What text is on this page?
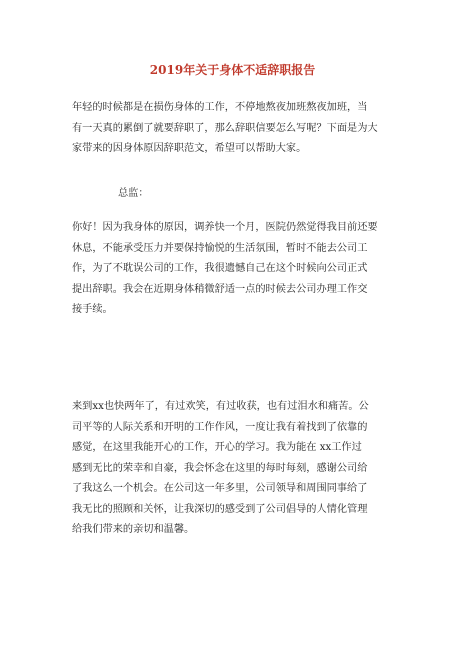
2019年关于身体不适辞职报告

年轻的时候都是在损伤身体的工作，不停地熬夜加班熬夜加班，当
有一天真的累倒了就要辞职了，那么辞职信要怎么写呢？下面是为大
家带来的因身体原因辞职范文，希望可以帮助大家。

总监：

你好！因为我身体的原因，调养快一个月，医院仍然觉得我目前还要
休息，不能承受压力并要保持愉悦的生活氛围，暂时不能去公司工
作，为了不耽误公司的工作，我很遗憾自己在这个时候向公司正式
提出辞职。我会在近期身体稍微舒适一点的时候去公司办理工作交
接手续。

来到xx也快两年了，有过欢笑，有过收获，也有过泪水和痛苦。公
司平等的人际关系和开明的工作作风，一度让我有着找到了依靠的
感觉，在这里我能开心的工作，开心的学习。我为能在 xx工作过
感到无比的荣幸和自豪，我会怀念在这里的每时每刻，感谢公司给
了我这么一个机会。在公司这一年多里，公司领导和周围同事给了
我无比的照顾和关怀，让我深切的感受到了公司倡导的人情化管理
给我们带来的亲切和温馨。
